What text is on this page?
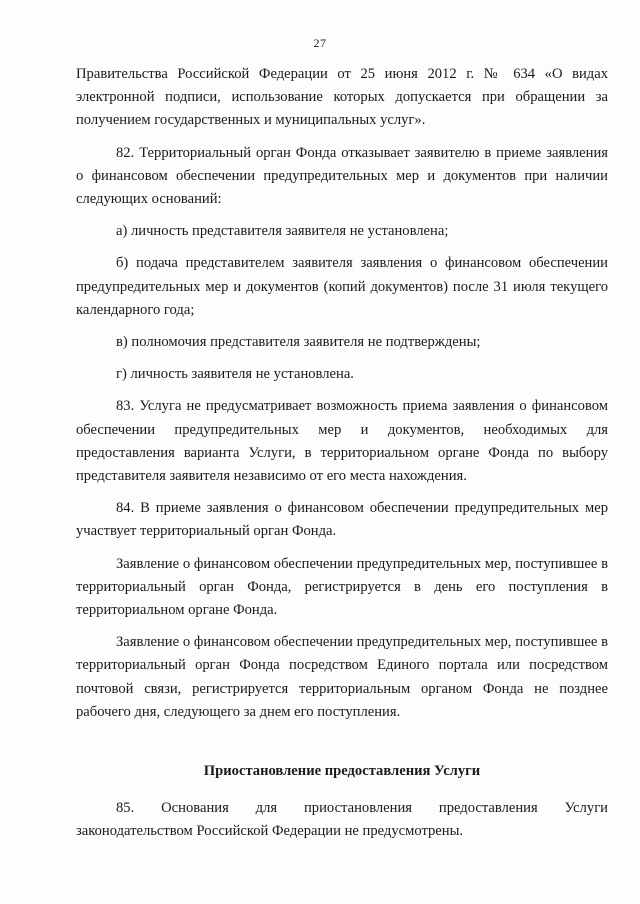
27

Правительства Российской Федерации от 25 июня 2012 г. № 634 «О видах электронной подписи, использование которых допускается при обращении за получением государственных и муниципальных услуг».

82. Территориальный орган Фонда отказывает заявителю в приеме заявления о финансовом обеспечении предупредительных мер и документов при наличии следующих оснований:

а) личность представителя заявителя не установлена;

б) подача представителем заявителя заявления о финансовом обеспечении предупредительных мер и документов (копий документов) после 31 июля текущего календарного года;

в) полномочия представителя заявителя не подтверждены;

г) личность заявителя не установлена.

83. Услуга не предусматривает возможность приема заявления о финансовом обеспечении предупредительных мер и документов, необходимых для предоставления варианта Услуги, в территориальном органе Фонда по выбору представителя заявителя независимо от его места нахождения.

84. В приеме заявления о финансовом обеспечении предупредительных мер участвует территориальный орган Фонда.

Заявление о финансовом обеспечении предупредительных мер, поступившее в территориальный орган Фонда, регистрируется в день его поступления в территориальном органе Фонда.

Заявление о финансовом обеспечении предупредительных мер, поступившее в территориальный орган Фонда посредством Единого портала или посредством почтовой связи, регистрируется территориальным органом Фонда не позднее рабочего дня, следующего за днем его поступления.

Приостановление предоставления Услуги

85. Основания для приостановления предоставления Услуги законодательством Российской Федерации не предусмотрены.
